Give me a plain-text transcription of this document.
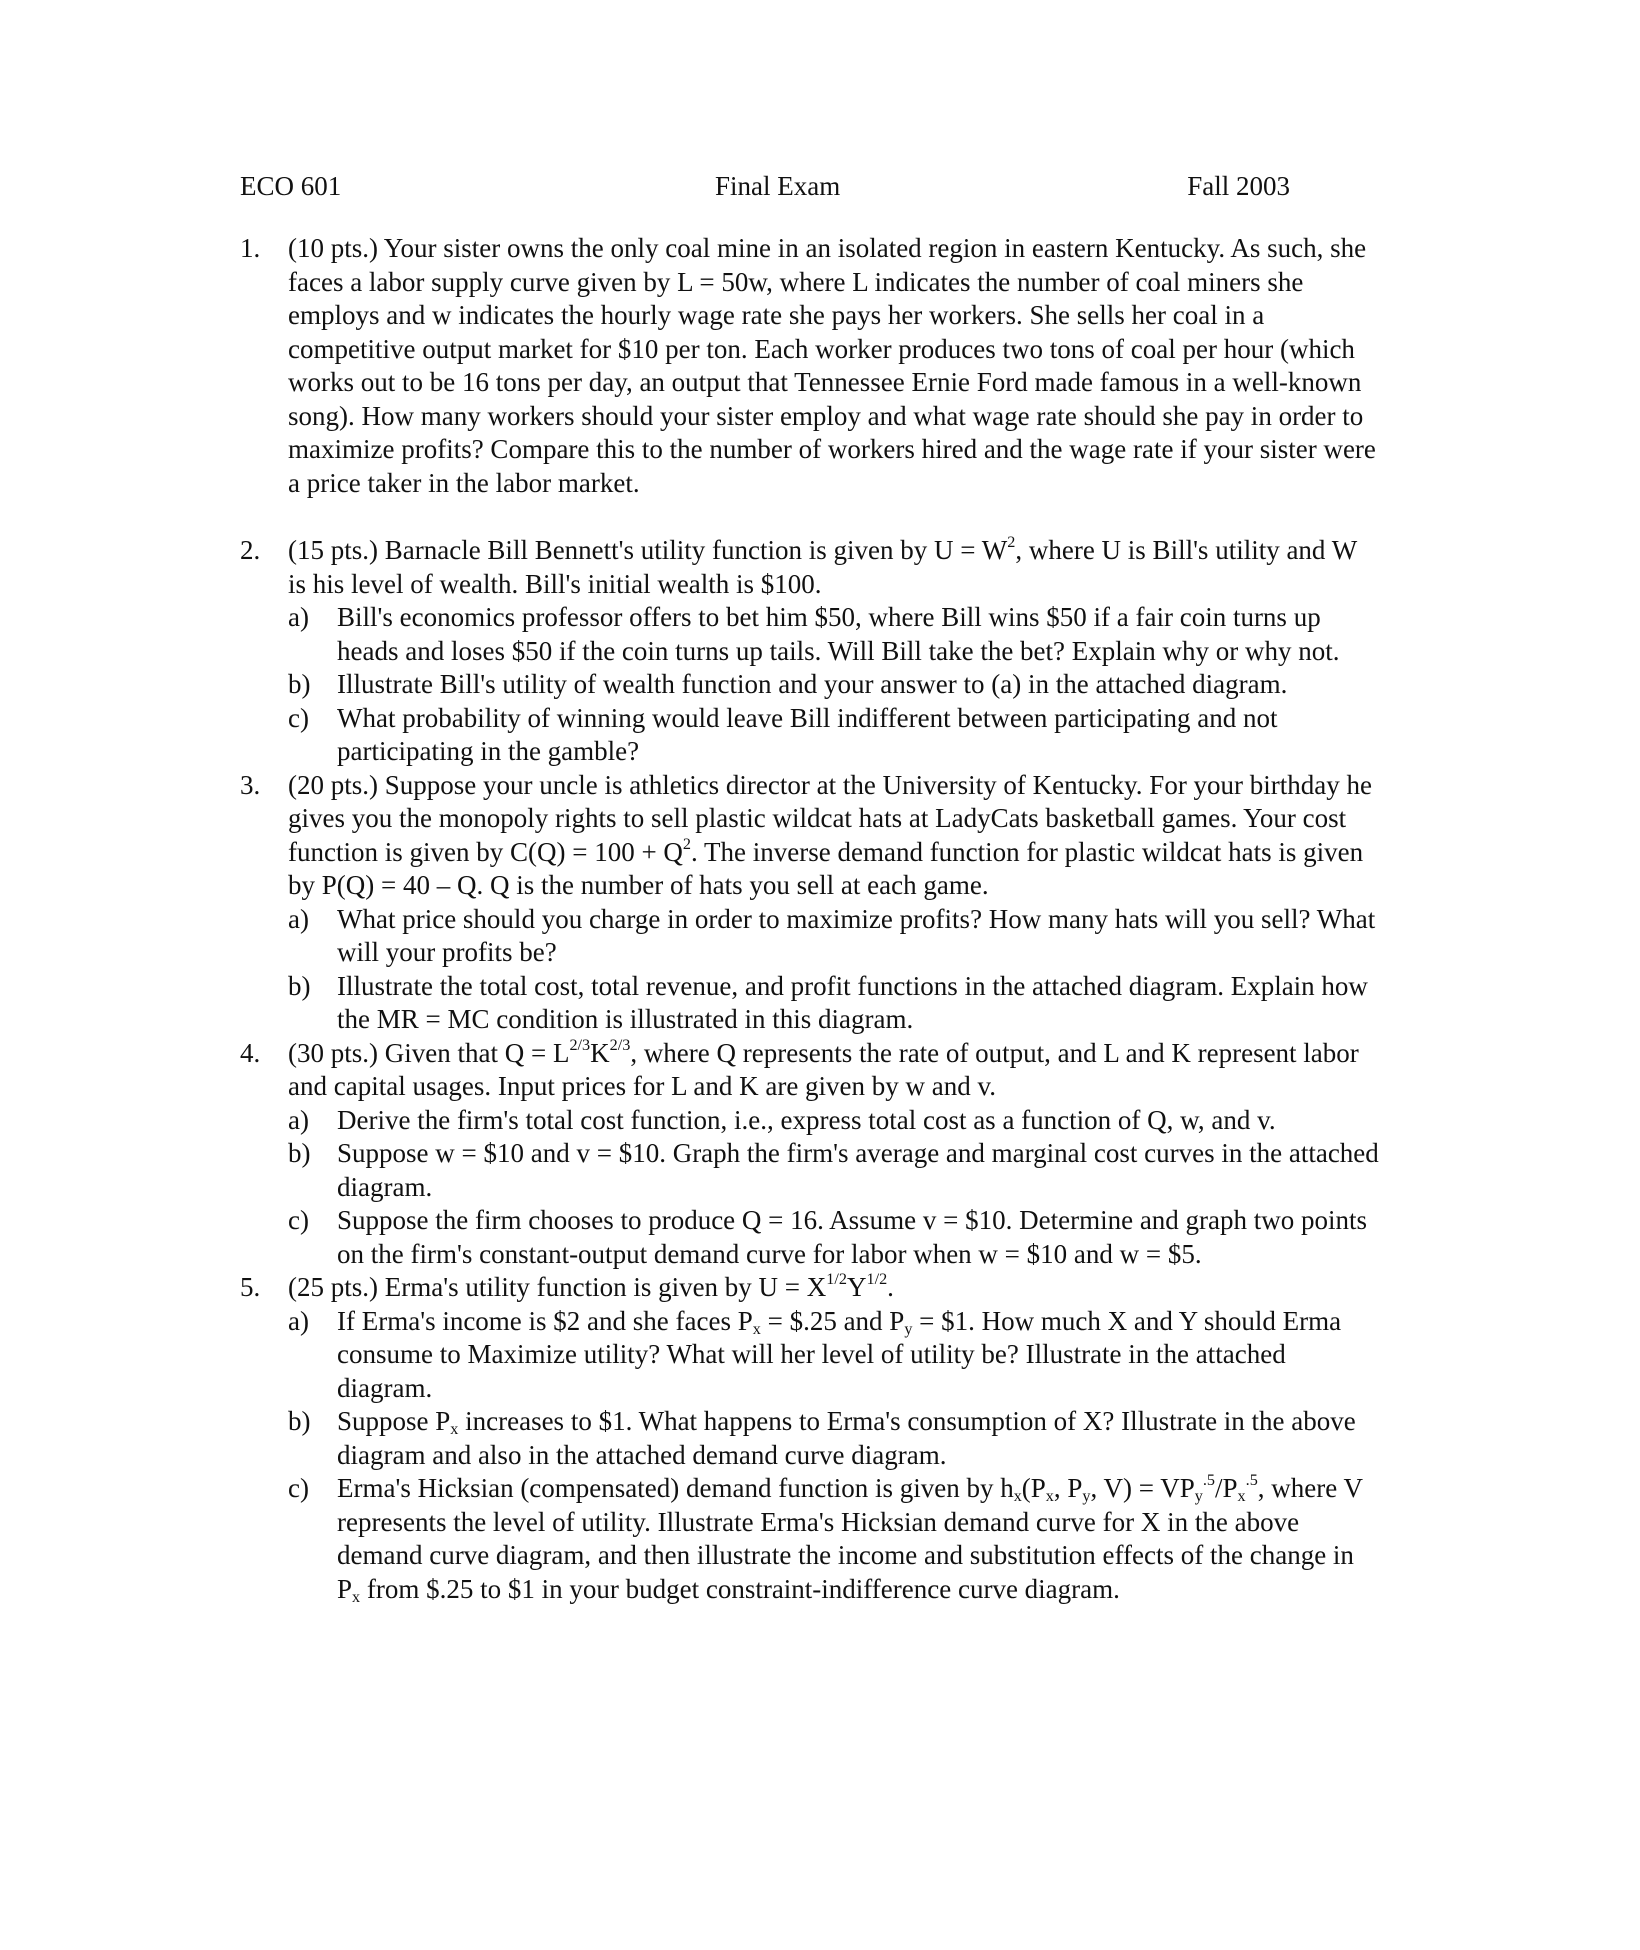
ECO 601	Final Exam	Fall 2003
1. (10 pts.) Your sister owns the only coal mine in an isolated region in eastern Kentucky. As such, she faces a labor supply curve given by L = 50w, where L indicates the number of coal miners she employs and w indicates the hourly wage rate she pays her workers. She sells her coal in a competitive output market for $10 per ton. Each worker produces two tons of coal per hour (which works out to be 16 tons per day, an output that Tennessee Ernie Ford made famous in a well-known song). How many workers should your sister employ and what wage rate should she pay in order to maximize profits? Compare this to the number of workers hired and the wage rate if your sister were a price taker in the labor market.
2. (15 pts.) Barnacle Bill Bennett's utility function is given by $U = W^2$, where U is Bill's utility and W is his level of wealth. Bill's initial wealth is $100.
a) Bill's economics professor offers to bet him $50, where Bill wins $50 if a fair coin turns up heads and loses $50 if the coin turns up tails. Will Bill take the bet? Explain why or why not.
b) Illustrate Bill's utility of wealth function and your answer to (a) in the attached diagram.
c) What probability of winning would leave Bill indifferent between participating and not participating in the gamble?
3. (20 pts.) Suppose your uncle is athletics director at the University of Kentucky. For your birthday he gives you the monopoly rights to sell plastic wildcat hats at LadyCats basketball games. Your cost function is given by $C(Q) = 100 + Q^2$. The inverse demand function for plastic wildcat hats is given by P(Q) = 40 – Q. Q is the number of hats you sell at each game.
a) What price should you charge in order to maximize profits? How many hats will you sell? What will your profits be?
b) Illustrate the total cost, total revenue, and profit functions in the attached diagram. Explain how the MR = MC condition is illustrated in this diagram.
4. (30 pts.) Given that $Q = L^{2/3}K^{2/3}$, where Q represents the rate of output, and L and K represent labor and capital usages. Input prices for L and K are given by w and v.
a) Derive the firm's total cost function, i.e., express total cost as a function of Q, w, and v.
b) Suppose w = $10 and v = $10. Graph the firm's average and marginal cost curves in the attached diagram.
c) Suppose the firm chooses to produce Q = 16. Assume v = $10. Determine and graph two points on the firm's constant-output demand curve for labor when w = $10 and w = $5.
5. (25 pts.) Erma's utility function is given by $U = X^{1/2}Y^{1/2}$.
a) If Erma's income is $2 and she faces $P_x$ = $.25 and $P_y$ = $1. How much X and Y should Erma consume to Maximize utility? What will her level of utility be? Illustrate in the attached diagram.
b) Suppose $P_x$ increases to $1. What happens to Erma's consumption of X? Illustrate in the above diagram and also in the attached demand curve diagram.
c) Erma's Hicksian (compensated) demand function is given by $h_x(P_x$, $P_y$, $V) = VP_y^{.5}/P_x^{.5}$, where V represents the level of utility. Illustrate Erma's Hicksian demand curve for X in the above demand curve diagram, and then illustrate the income and substitution effects of the change in $P_x$ from $.25 to $1 in your budget constraint-indifference curve diagram.
